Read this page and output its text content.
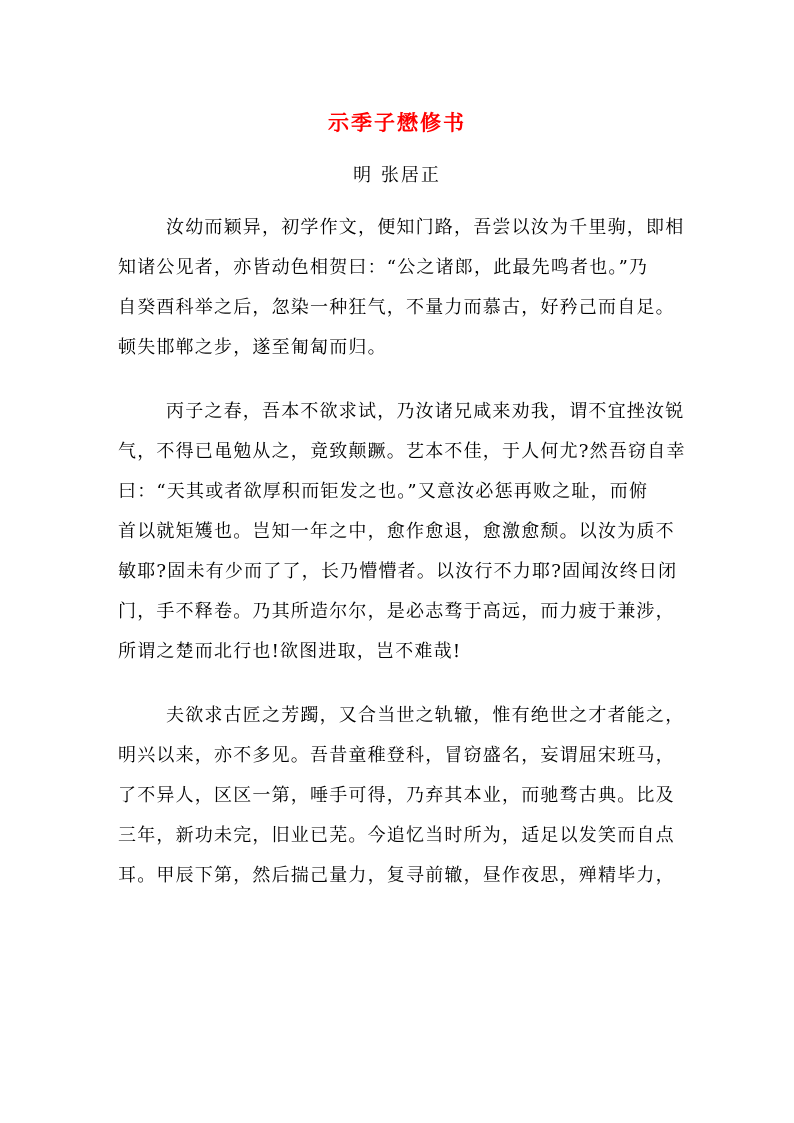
示季子懋修书
明 张居正
汝幼而颖异，初学作文，便知门路，吾尝以汝为千里驹，即相
知诸公见者，亦皆动色相贺曰：“公之诸郎，此最先鸣者也。”乃
自癸酉科举之后，忽染一种狂气，不量力而慕古，好矜己而自足。
顿失邯郸之步，遂至匍匐而归。
丙子之春，吾本不欲求试，乃汝诸兄咸来劝我，谓不宜挫汝锐
气，不得已黾勉从之，竟致颠蹶。艺本不佳，于人何尤?然吾窃自幸
曰：“天其或者欲厚积而钜发之也。”又意汝必惩再败之耻，而俯
首以就矩矱也。岂知一年之中，愈作愈退，愈激愈颓。以汝为质不
敏耶?固未有少而了了，长乃懵懵者。以汝行不力耶?固闻汝终日闭
门，手不释卷。乃其所造尔尔，是必志骛于高远，而力疲于兼涉，
所谓之楚而北行也!欲图进取，岂不难哉!
夫欲求古匠之芳躅，又合当世之轨辙，惟有绝世之才者能之，
明兴以来，亦不多见。吾昔童稚登科，冒窃盛名，妄谓屈宋班马，
了不异人，区区一第，唾手可得，乃弃其本业，而驰骛古典。比及
三年，新功未完，旧业已芜。今追忆当时所为，适足以发笑而自点
耳。甲辰下第，然后揣己量力，复寻前辙，昼作夜思，殚精毕力，
